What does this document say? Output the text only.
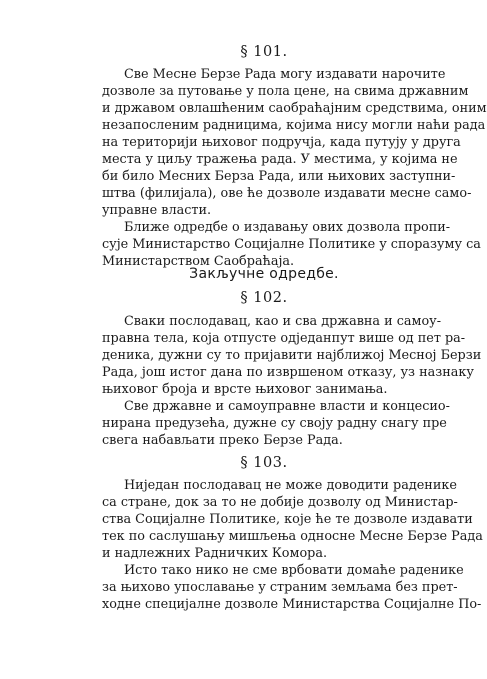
§ 101.
Све Месне Берзе Рада могу издавати нарочите
дозволе за путовање у пола цене, на свима државним
и државом овлашћеним саобраћајним средствима, оним
незапосленим радницима, којима нису могли наћи рада
на територији њиховог подручја, када путују у друга
места у циљу тражења рада. У местима, у којима не
би било Месних Берза Рада, или њихових заступни-
штва (филијала), ове ће дозволе издавати месне само-
управне власти.
Ближе одредбе о издавању ових дозвола пропи-
сује Министарство Социјалне Политике у споразуму са
Министарством Саобраћаја.
Закључне одредбе.
§ 102.
Сваки послодавац, као и сва државна и самоу-
правна тела, која отпусте одједанпут више од пет ра-
деника, дужни су то пријавити најближој Месној Берзи
Рада, још истог дана по извршеном отказу, уз назнаку
њиховог броја и врсте њиховог занимања.
Све државне и самоуправне власти и концесио-
нирана предузећа, дужне су своју радну снагу пре
свега набављати преко Берзе Рада.
§ 103.
Ниједан послодавац не може доводити раденике
са стране, док за то не добије дозволу од Министар-
ства Социјалне Политике, које ће те дозволе издавати
тек по саслушању мишљења односне Месне Берзе Рада
и надлежних Радничких Комора.
Исто тако нико не сме врбовати домаће раденике
за њихово упославање у страним земљама без прет-
ходне специјалне дозволе Министарства Социјалне По-
